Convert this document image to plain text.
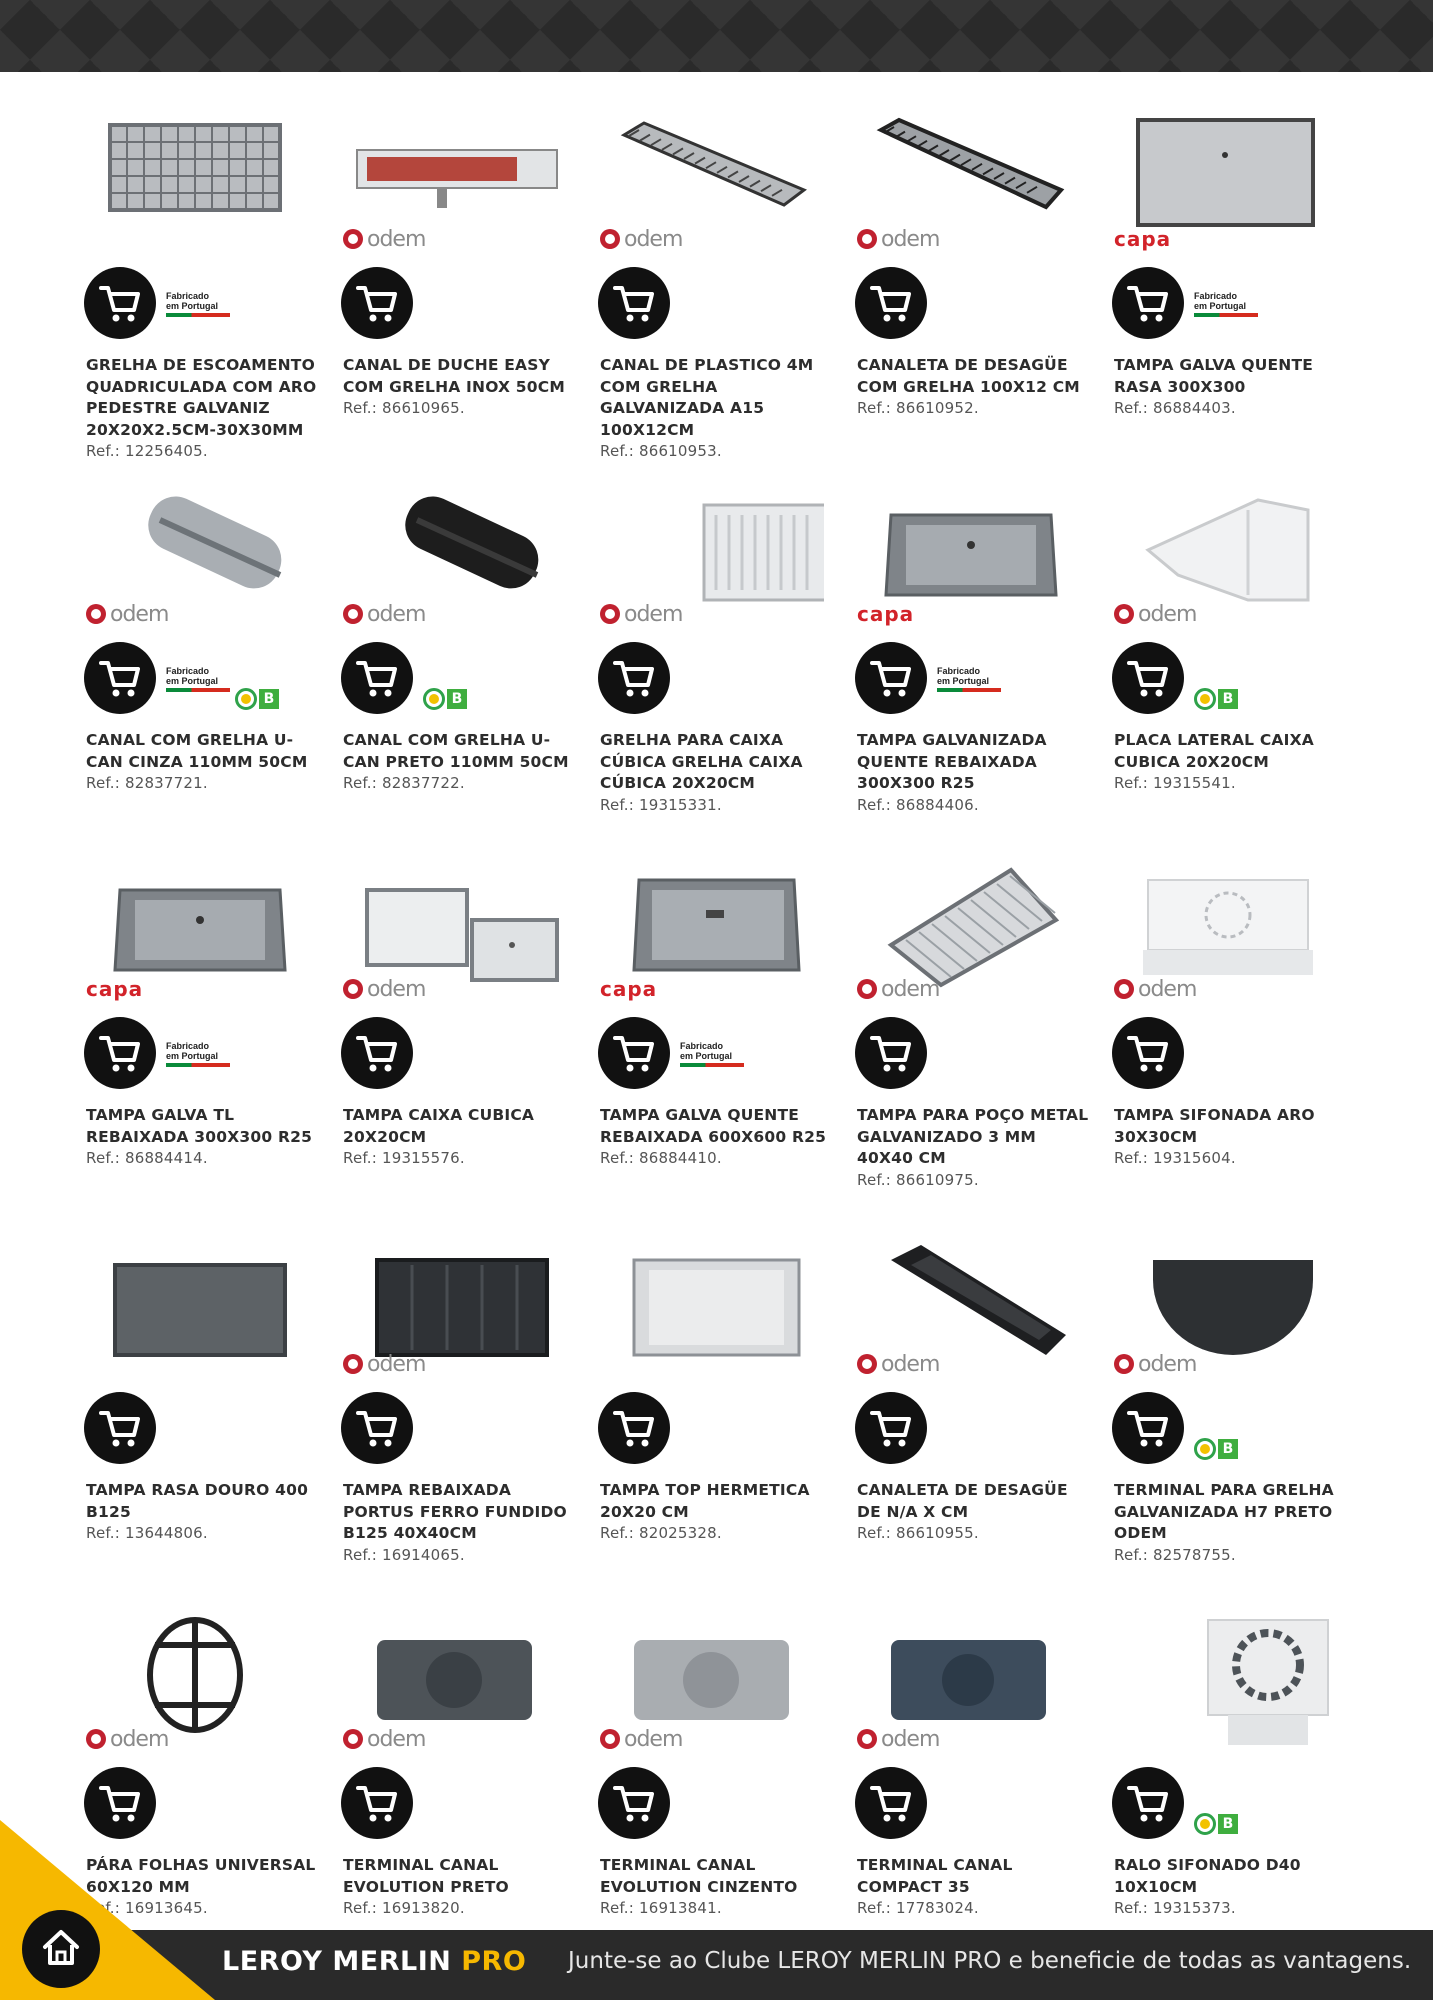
Fabricado
em Portugal
GRELHA DE ESCOAMENTO QUADRICULADA COM ARO PEDESTRE GALVANIZ 20X20X2.5CM-30X30MM
Ref.: 12256405.
odem
CANAL DE DUCHE EASY COM GRELHA INOX 50CM
Ref.: 86610965.
odem
CANAL DE PLASTICO 4M COM GRELHA GALVANIZADA A15 100X12CM
Ref.: 86610953.
odem
CANALETA DE DESAGÜE COM GRELHA 100X12 CM
Ref.: 86610952.
capa
Fabricado
em Portugal
TAMPA GALVA QUENTE RASA 300X300
Ref.: 86884403.
odem
Fabricado
em Portugal
B
CANAL COM GRELHA U-CAN CINZA 110MM 50CM
Ref.: 82837721.
odem
B
CANAL COM GRELHA U-CAN PRETO 110MM 50CM
Ref.: 82837722.
odem
GRELHA PARA CAIXA CÚBICA GRELHA CAIXA CÚBICA 20X20CM
Ref.: 19315331.
capa
Fabricado
em Portugal
TAMPA GALVANIZADA QUENTE REBAIXADA 300X300 R25
Ref.: 86884406.
odem
B
PLACA LATERAL CAIXA CUBICA 20X20CM
Ref.: 19315541.
capa
Fabricado
em Portugal
TAMPA GALVA TL REBAIXADA 300X300 R25
Ref.: 86884414.
odem
TAMPA CAIXA CUBICA 20X20CM
Ref.: 19315576.
capa
Fabricado
em Portugal
TAMPA GALVA QUENTE REBAIXADA 600X600 R25
Ref.: 86884410.
odem
TAMPA PARA POÇO METAL GALVANIZADO 3 MM 40X40 CM
Ref.: 86610975.
odem
TAMPA SIFONADA ARO 30X30CM
Ref.: 19315604.
TAMPA RASA DOURO 400 B125
Ref.: 13644806.
odem
TAMPA REBAIXADA PORTUS FERRO FUNDIDO B125 40X40CM
Ref.: 16914065.
TAMPA TOP HERMETICA 20X20 CM
Ref.: 82025328.
odem
CANALETA DE DESAGÜE DE N/A X CM
Ref.: 86610955.
odem
B
TERMINAL PARA GRELHA GALVANIZADA H7 PRETO ODEM
Ref.: 82578755.
odem
PÁRA FOLHAS UNIVERSAL 60X120 MM
Ref.: 16913645.
odem
TERMINAL CANAL EVOLUTION PRETO
Ref.: 16913820.
odem
TERMINAL CANAL EVOLUTION CINZENTO
Ref.: 16913841.
odem
TERMINAL CANAL COMPACT 35
Ref.: 17783024.
B
RALO SIFONADO D40 10X10CM
Ref.: 19315373.
LEROY MERLIN PRO Junte-se ao Clube LEROY MERLIN PRO e beneficie de todas as vantagens.
